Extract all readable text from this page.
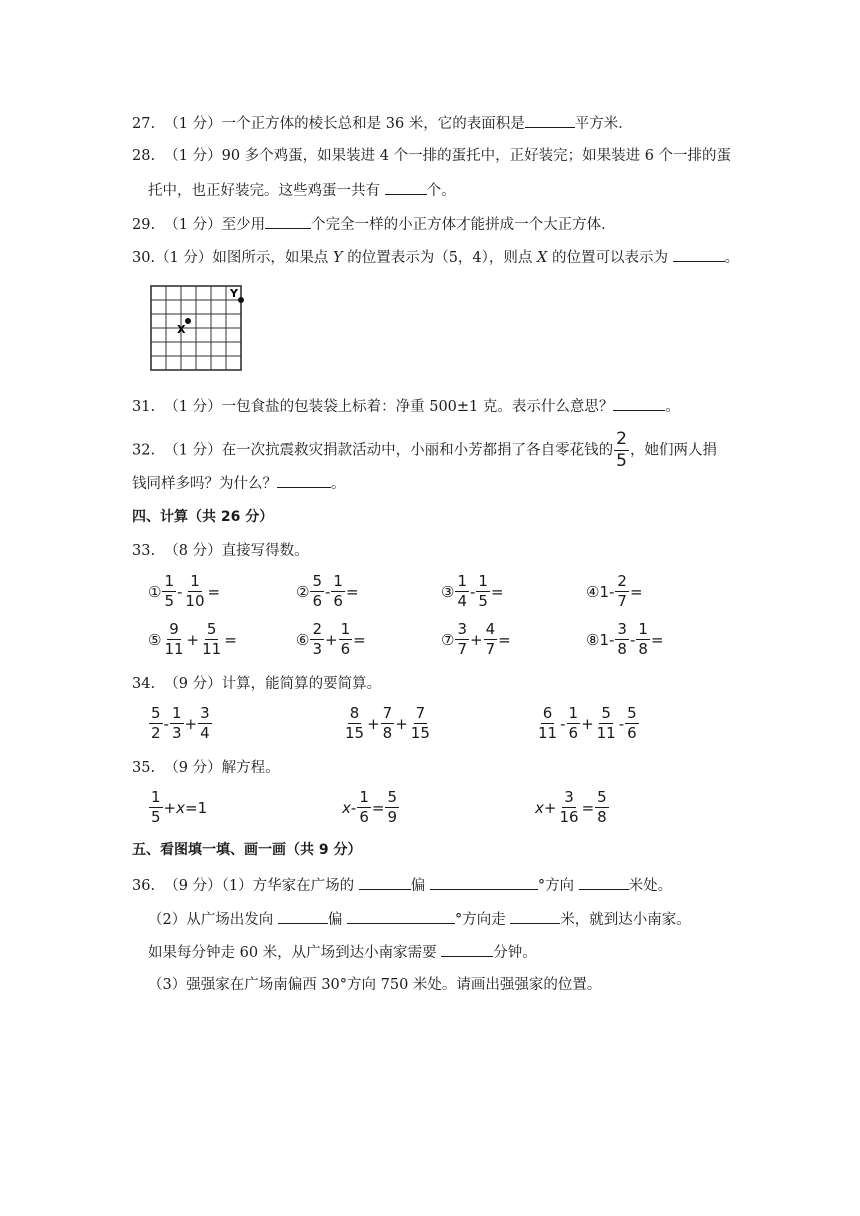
27. （1 分）一个正方体的棱长总和是 36 米，它的表面积是	平方米．
28. （1 分）90 多个鸡蛋，如果装进 4 个一排的蛋托中，正好装完；如果装进 6 个一排的蛋
托中，也正好装完。这些鸡蛋一共有	个。
29. （1 分）至少用	个完全一样的小正方体才能拼成一个大正方体．
30.（1 分）如图所示，如果点 Y 的位置表示为（5，4），则点 X 的位置可以表示为	。
Y
X
31. （1 分）一包食盐的包装袋上标着：净重 500±1 克。表示什么意思？	。
32. （1 分）在一次抗震救灾捐款活动中，小丽和小芳都捐了各自零花钱的 $\frac{2}{5}$ ，她们两人捐
钱同样多吗？为什么？	。
四、计算（共 26 分）
33. （8 分）直接写得数。
① $\frac{1}{5} - \frac{1}{10}$ =	② $\frac{5}{6} - \frac{1}{6}$ =	③ $\frac{1}{4} - \frac{1}{5}$ =	④ $1 - \frac{2}{7}$ =
⑤ $\frac{9}{11} + \frac{5}{11}$ =	⑥ $\frac{2}{3} + \frac{1}{6}$ =	⑦ $\frac{3}{7} + \frac{4}{7}$ =	⑧ $1 - \frac{3}{8} - \frac{1}{8}$ =
34. （9 分）计算，能简算的要简算。
$\frac{5}{2} - \frac{1}{3} + \frac{3}{4}$	$\frac{8}{15} + \frac{7}{8} + \frac{7}{15}$	$\frac{6}{11} - \frac{1}{6} + \frac{5}{11} - \frac{5}{6}$
35. （9 分）解方程。
$\frac{1}{5} + x = 1$	$x - \frac{1}{6} = \frac{5}{9}$	$x + \frac{3}{16} = \frac{5}{8}$
五、看图填一填、画一画（共 9 分）
36. （9 分）（1）方华家在广场的	偏	°方向	米处。
（2）从广场出发向	偏	°方向走	米，就到达小南家。
如果每分钟走 60 米，从广场到达小南家需要	分钟。
（3）强强家在广场南偏西 30°方向 750 米处。请画出强强家的位置。
